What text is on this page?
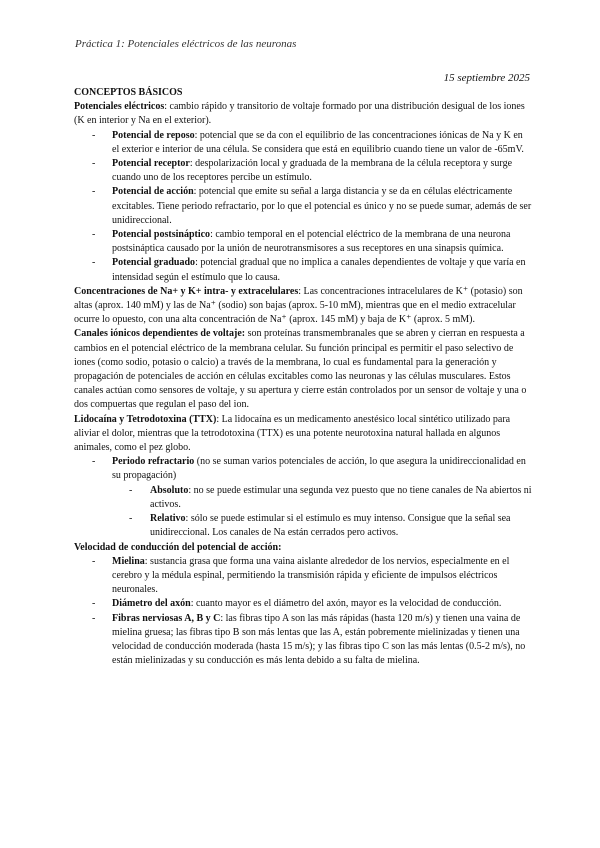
Práctica 1: Potenciales eléctricos de las neuronas
15 septiembre 2025

CONCEPTOS BÁSICOS

Potenciales eléctricos: cambio rápido y transitorio de voltaje formado por una distribución desigual de los iones (K en interior y Na en el exterior).

- Potencial de reposo: potencial que se da con el equilibrio de las concentraciones iónicas de Na y K en el exterior e interior de una célula. Se considera que está en equilibrio cuando tiene un valor de -65mV.
- Potencial receptor: despolarización local y graduada de la membrana de la célula receptora y surge cuando uno de los receptores percibe un estímulo.
- Potencial de acción: potencial que emite su señal a larga distancia y se da en células eléctricamente excitables. Tiene periodo refractario, por lo que el potencial es único y no se puede sumar, además de ser unidireccional.
- Potencial postsináptico: cambio temporal en el potencial eléctrico de la membrana de una neurona postsináptica causado por la unión de neurotransmisores a sus receptores en una sinapsis química.
- Potencial graduado: potencial gradual que no implica a canales dependientes de voltaje y que varía en intensidad según el estímulo que lo causa.

Concentraciones de Na+ y K+ intra- y extracelulares: Las concentraciones intracelulares de K⁺ (potasio) son altas (aprox. 140 mM) y las de Na⁺ (sodio) son bajas (aprox. 5-10 mM), mientras que en el medio extracelular ocurre lo opuesto, con una alta concentración de Na⁺ (aprox. 145 mM) y baja de K⁺ (aprox. 5 mM).

Canales iónicos dependientes de voltaje: son proteínas transmembranales que se abren y cierran en respuesta a cambios en el potencial eléctrico de la membrana celular. Su función principal es permitir el paso selectivo de iones (como sodio, potasio o calcio) a través de la membrana, lo cual es fundamental para la generación y propagación de potenciales de acción en células excitables como las neuronas y las células musculares. Estos canales actúan como sensores de voltaje, y su apertura y cierre están controlados por un sensor de voltaje y una o dos compuertas que regulan el paso del ion.

Lidocaína y Tetrodotoxina (TTX): La lidocaína es un medicamento anestésico local sintético utilizado para aliviar el dolor, mientras que la tetrodotoxina (TTX) es una potente neurotoxina natural hallada en algunos animales, como el pez globo.

- Periodo refractario (no se suman varios potenciales de acción, lo que asegura la unidireccionalidad en su propagación)
- Absoluto: no se puede estimular una segunda vez puesto que no tiene canales de Na abiertos ni activos.
- Relativo: sólo se puede estimular si el estímulo es muy intenso. Consigue que la señal sea unidireccional. Los canales de Na están cerrados pero activos.

Velocidad de conducción del potencial de acción:

- Mielina: sustancia grasa que forma una vaina aislante alrededor de los nervios, especialmente en el cerebro y la médula espinal, permitiendo la transmisión rápida y eficiente de impulsos eléctricos neuronales.
- Diámetro del axón: cuanto mayor es el diámetro del axón, mayor es la velocidad de conducción.
- Fibras nerviosas A, B y C: las fibras tipo A son las más rápidas (hasta 120 m/s) y tienen una vaina de mielina gruesa; las fibras tipo B son más lentas que las A, están pobremente mielinizadas y tienen una velocidad de conducción moderada (hasta 15 m/s); y las fibras tipo C son las más lentas (0.5-2 m/s), no están mielinizadas y su conducción es más lenta debido a su falta de mielina.
